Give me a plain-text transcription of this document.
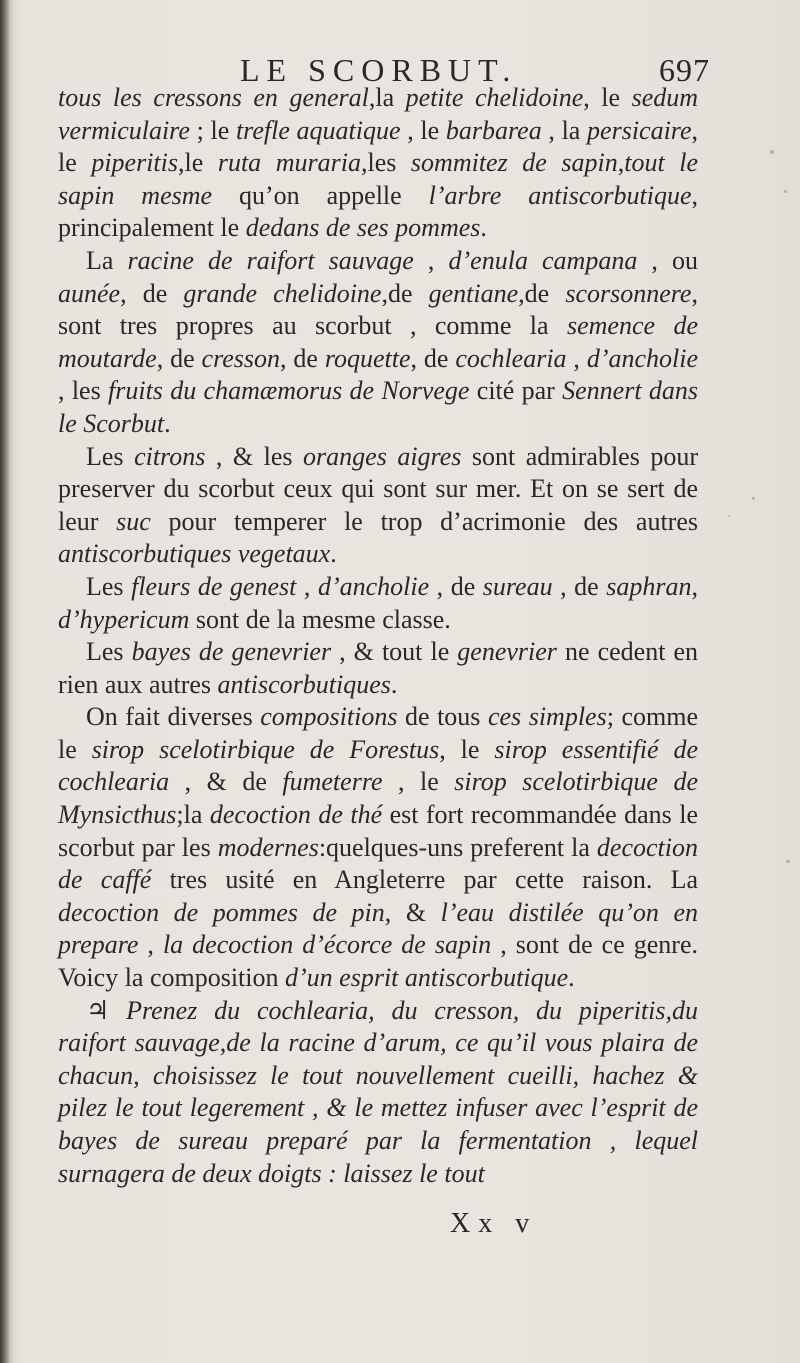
LE SCORBUT.	697

tous les cressons en general,la petite chelidoine, le sedum vermiculaire ; le trefle aquatique , le barbarea , la persicaire, le piperitis,le ruta muraria,les sommitez de sapin,tout le sapin mesme qu’on appelle l’arbre antiscorbutique, principalement le dedans de ses pommes.

La racine de raifort sauvage , d’enula campana , ou aunée, de grande chelidoine,de gentiane,de scorsonnere, sont tres propres au scorbut , comme la semence de moutarde, de cresson, de roquette, de cochlearia , d’ancholie , les fruits du chamæmorus de Norvege cité par Sennert dans le Scorbut.

Les citrons , & les oranges aigres sont admirables pour preserver du scorbut ceux qui sont sur mer. Et on se sert de leur suc pour temperer le trop d’acrimonie des autres antiscorbutiques vegetaux.

Les fleurs de genest , d’ancholie , de sureau , de saphran, d’hypericum sont de la mesme classe.

Les bayes de genevrier , & tout le genevrier ne cedent en rien aux autres antiscorbutiques.

On fait diverses compositions de tous ces simples; comme le sirop scelotirbique de Forestus, le sirop essentifié de cochlearia , & de fumeterre , le sirop scelotirbique de Mynsicthus;la decoction de thé est fort recommandée dans le scorbut par les modernes:quelques-uns preferent la decoction de caffé tres usité en Angleterre par cette raison. La decoction de pommes de pin, & l’eau distilée qu’on en prepare , la decoction d’écorce de sapin , sont de ce genre. Voicy la composition d’un esprit antiscorbutique.

♃ Prenez du cochlearia, du cresson, du piperitis,du raifort sauvage,de la racine d’arum, ce qu’il vous plaira de chacun, choisissez le tout nouvellement cueilli, hachez & pilez le tout legerement , & le mettez infuser avec l’esprit de bayes de sureau preparé par la fermentation , lequel surnagera de deux doigts : laissez le tout

Xx v
